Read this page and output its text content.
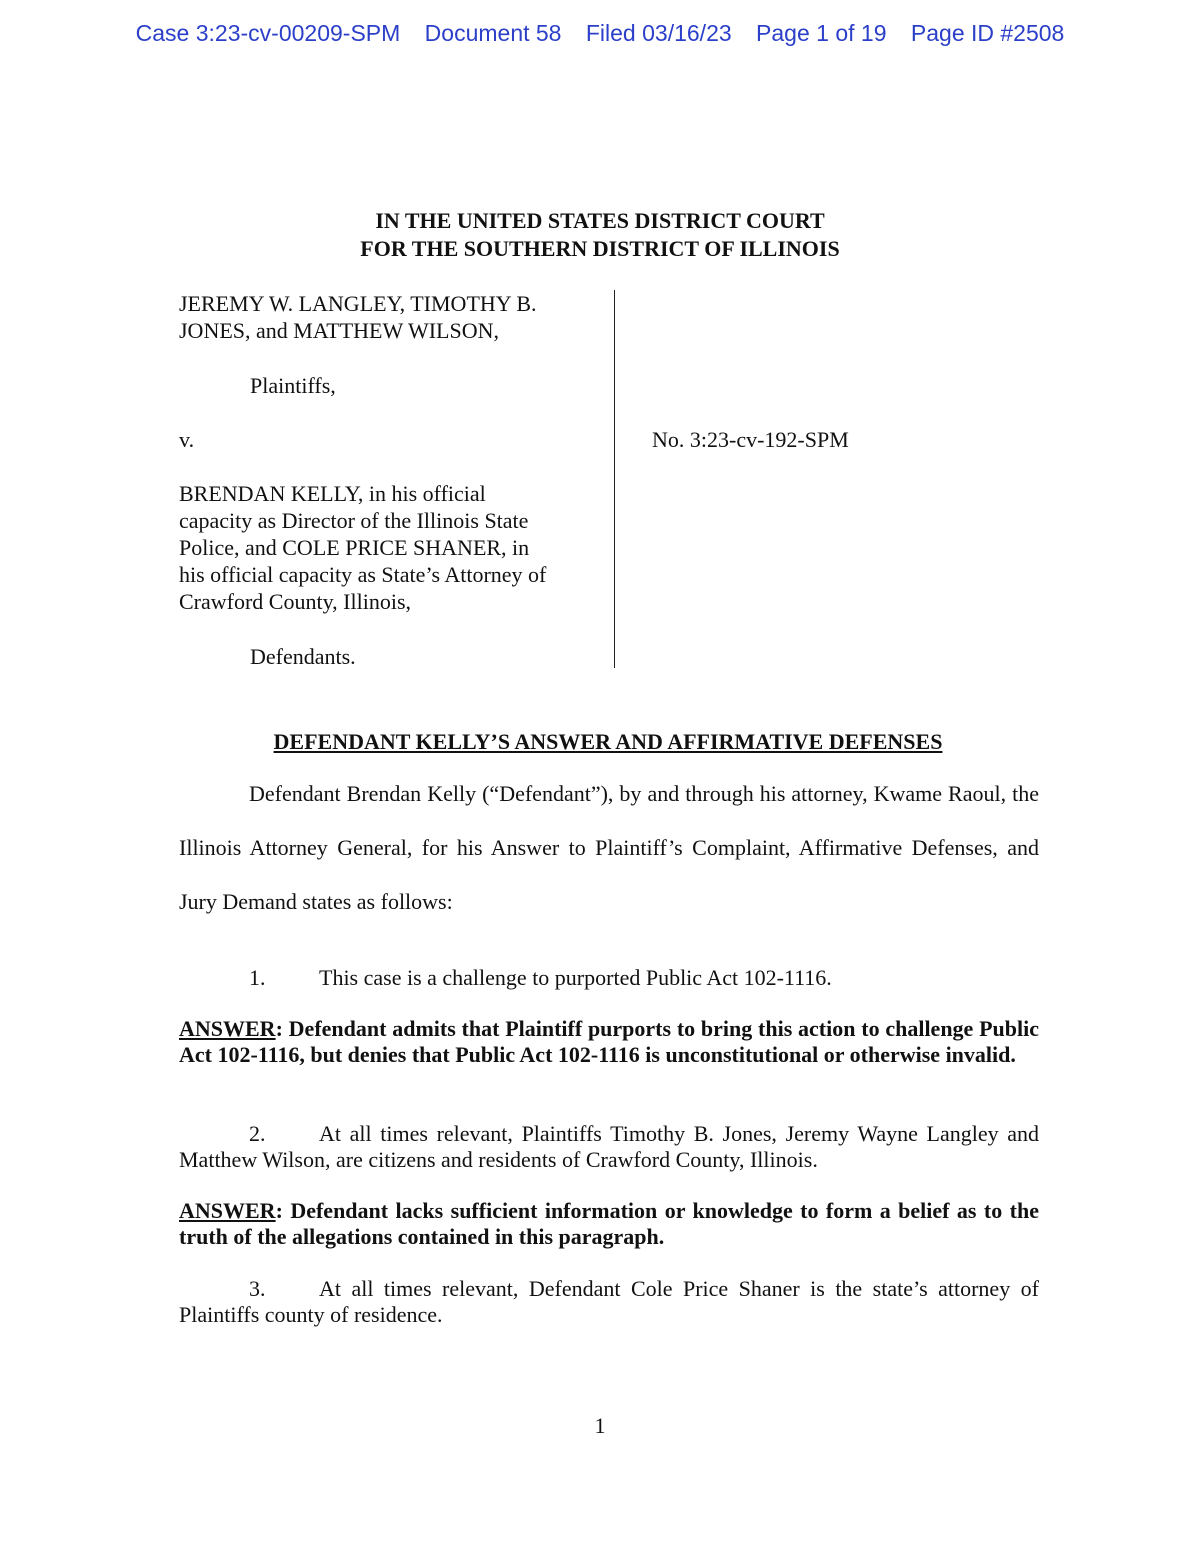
Case 3:23-cv-00209-SPM Document 58 Filed 03/16/23 Page 1 of 19 Page ID #2508
IN THE UNITED STATES DISTRICT COURT
FOR THE SOUTHERN DISTRICT OF ILLINOIS
JEREMY W. LANGLEY, TIMOTHY B.
JONES, and MATTHEW WILSON,
Plaintiffs,
v.
BRENDAN KELLY, in his official
capacity as Director of the Illinois State
Police, and COLE PRICE SHANER, in
his official capacity as State’s Attorney of
Crawford County, Illinois,
Defendants.
No. 3:23-cv-192-SPM
DEFENDANT KELLY’S ANSWER AND AFFIRMATIVE DEFENSES
Defendant Brendan Kelly (“Defendant”), by and through his attorney, Kwame Raoul, the Illinois Attorney General, for his Answer to Plaintiff’s Complaint, Affirmative Defenses, and Jury Demand states as follows:
1. This case is a challenge to purported Public Act 102-1116.
ANSWER: Defendant admits that Plaintiff purports to bring this action to challenge Public Act 102-1116, but denies that Public Act 102-1116 is unconstitutional or otherwise invalid.
2. At all times relevant, Plaintiffs Timothy B. Jones, Jeremy Wayne Langley and Matthew Wilson, are citizens and residents of Crawford County, Illinois.
ANSWER: Defendant lacks sufficient information or knowledge to form a belief as to the truth of the allegations contained in this paragraph.
3. At all times relevant, Defendant Cole Price Shaner is the state’s attorney of Plaintiffs county of residence.
1
